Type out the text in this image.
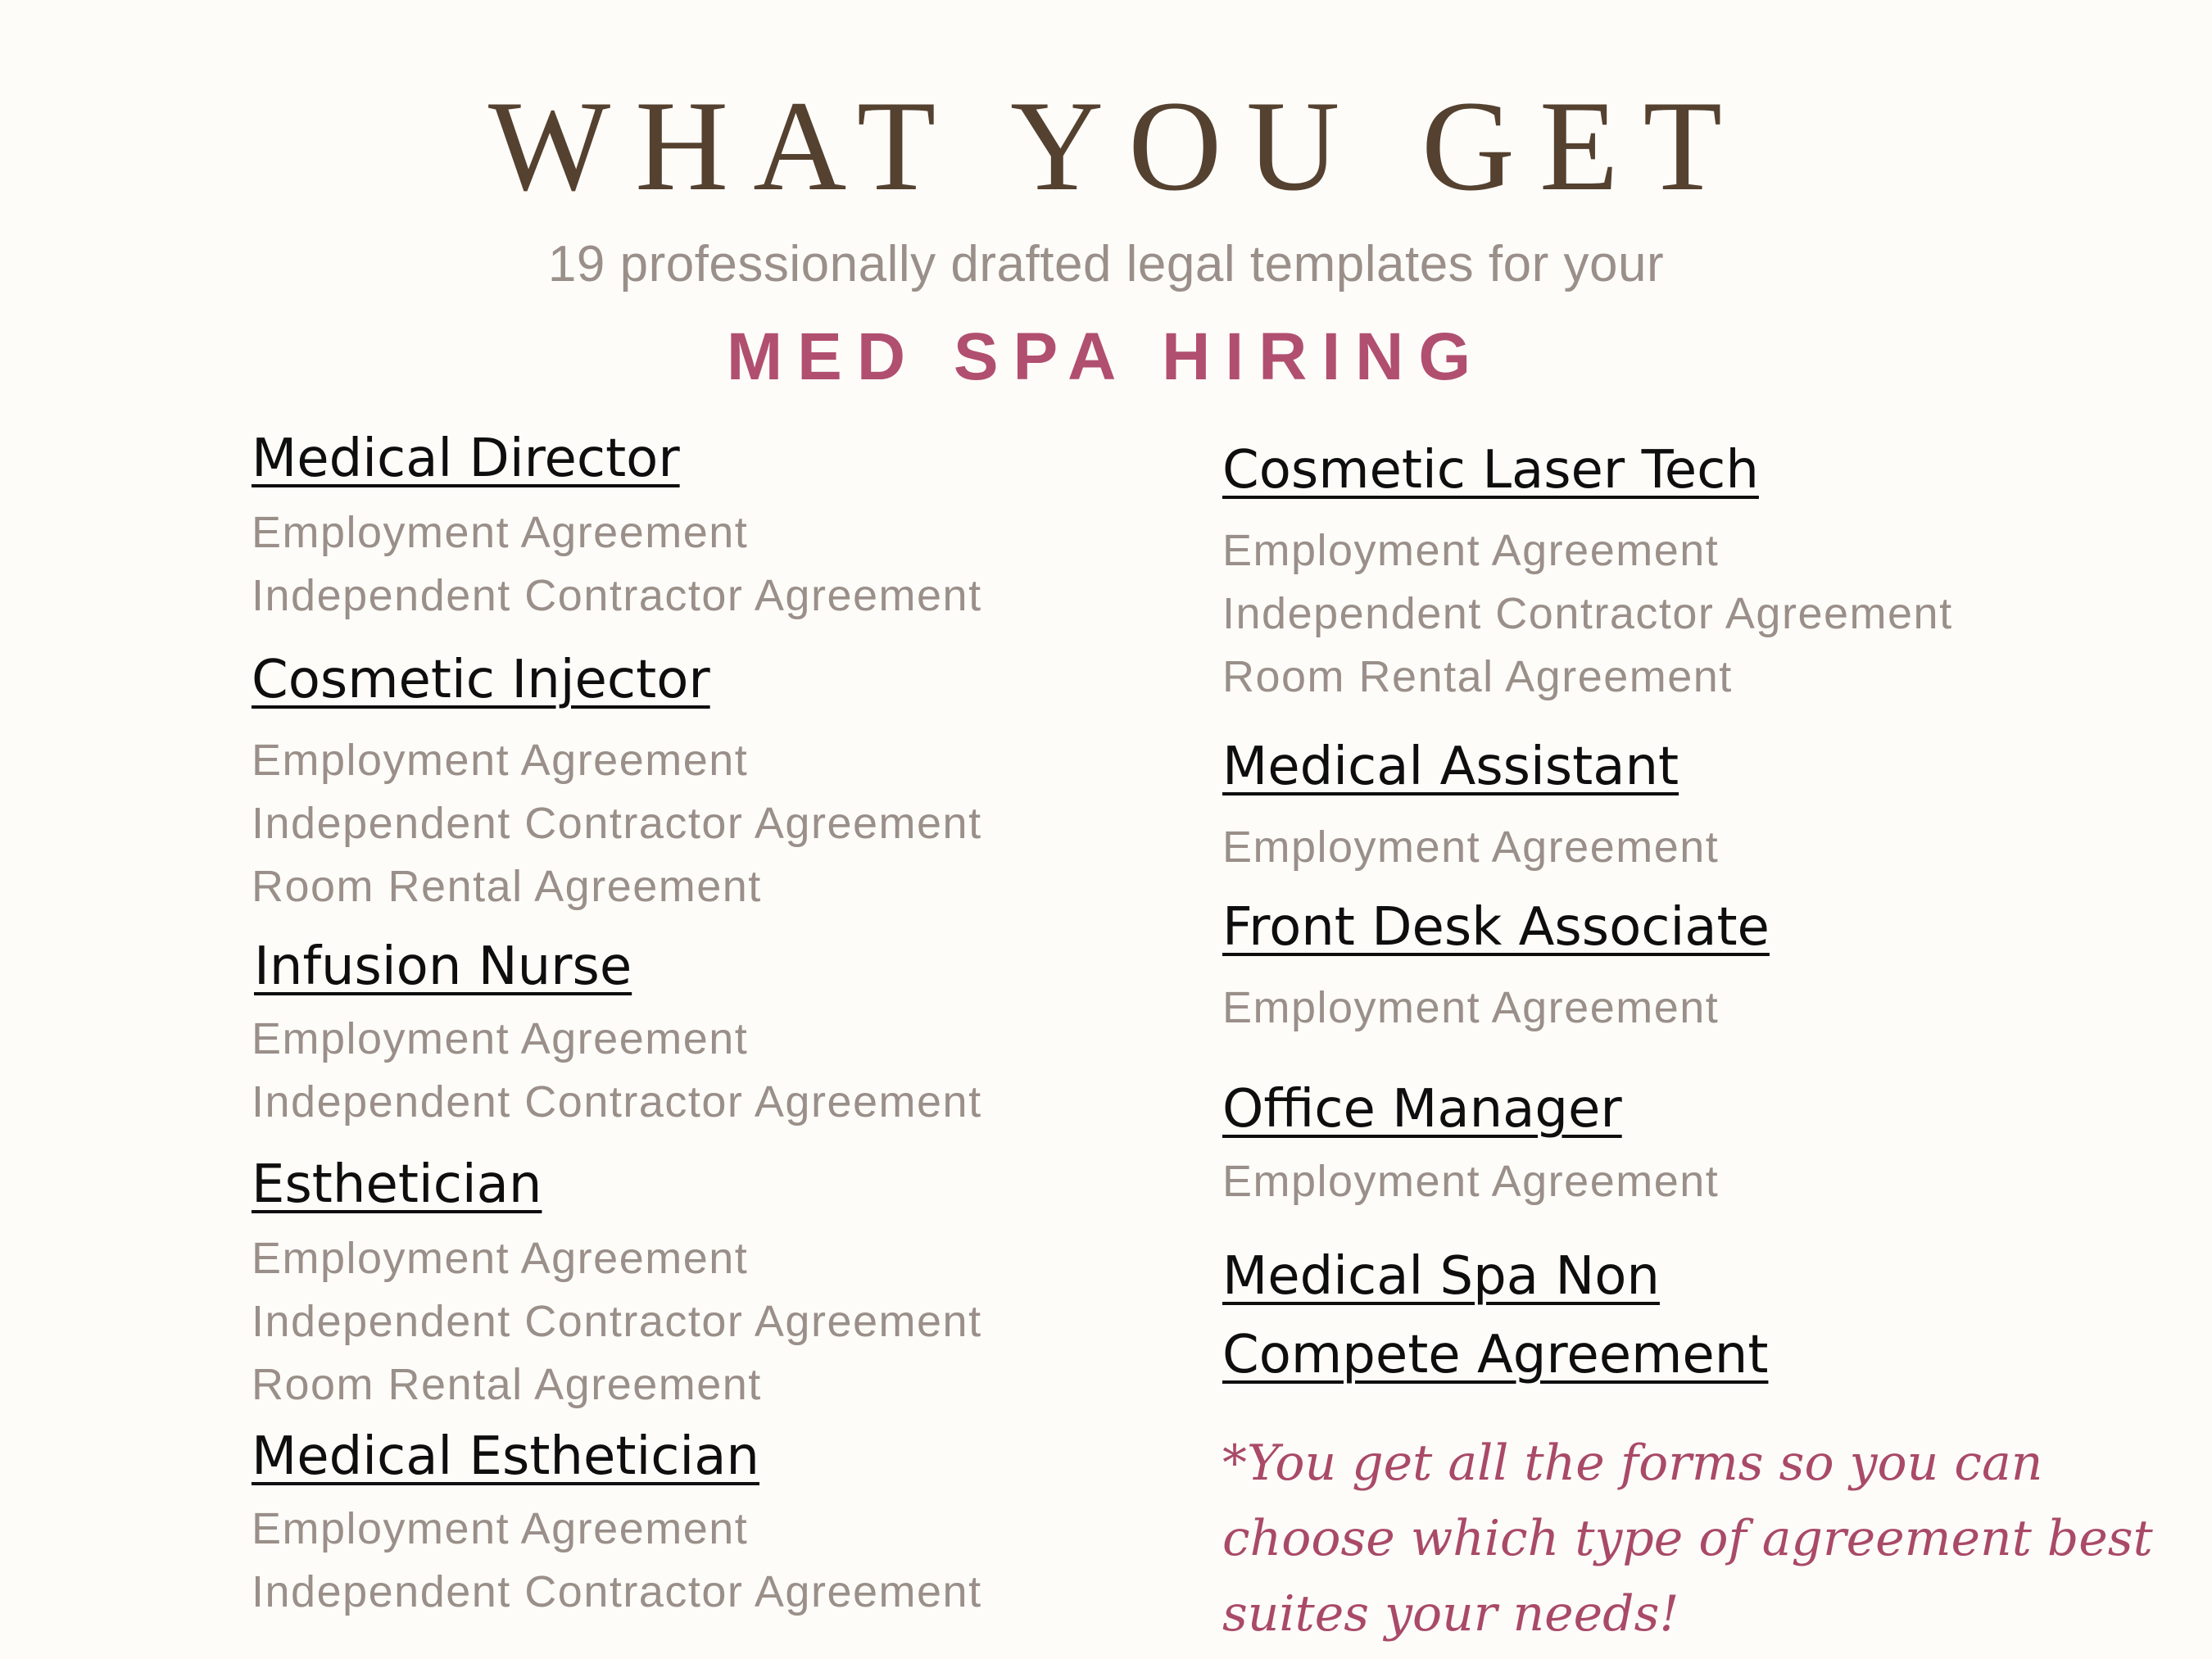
WHAT YOU GET
19 professionally drafted legal templates for your
MED SPA HIRING
Medical Director
Employment Agreement
Independent Contractor Agreement
Cosmetic Injector
Employment Agreement
Independent Contractor Agreement
Room Rental Agreement
Infusion Nurse
Employment Agreement
Independent Contractor Agreement
Esthetician
Employment Agreement
Independent Contractor Agreement
Room Rental Agreement
Medical Esthetician
Employment Agreement
Independent Contractor Agreement
Cosmetic Laser Tech
Employment Agreement
Independent Contractor Agreement
Room Rental Agreement
Medical Assistant
Employment Agreement
Front Desk Associate
Employment Agreement
Office Manager
Employment Agreement
Medical Spa Non
Compete Agreement
*You get all the forms so you can choose which type of agreement best suites your needs!
